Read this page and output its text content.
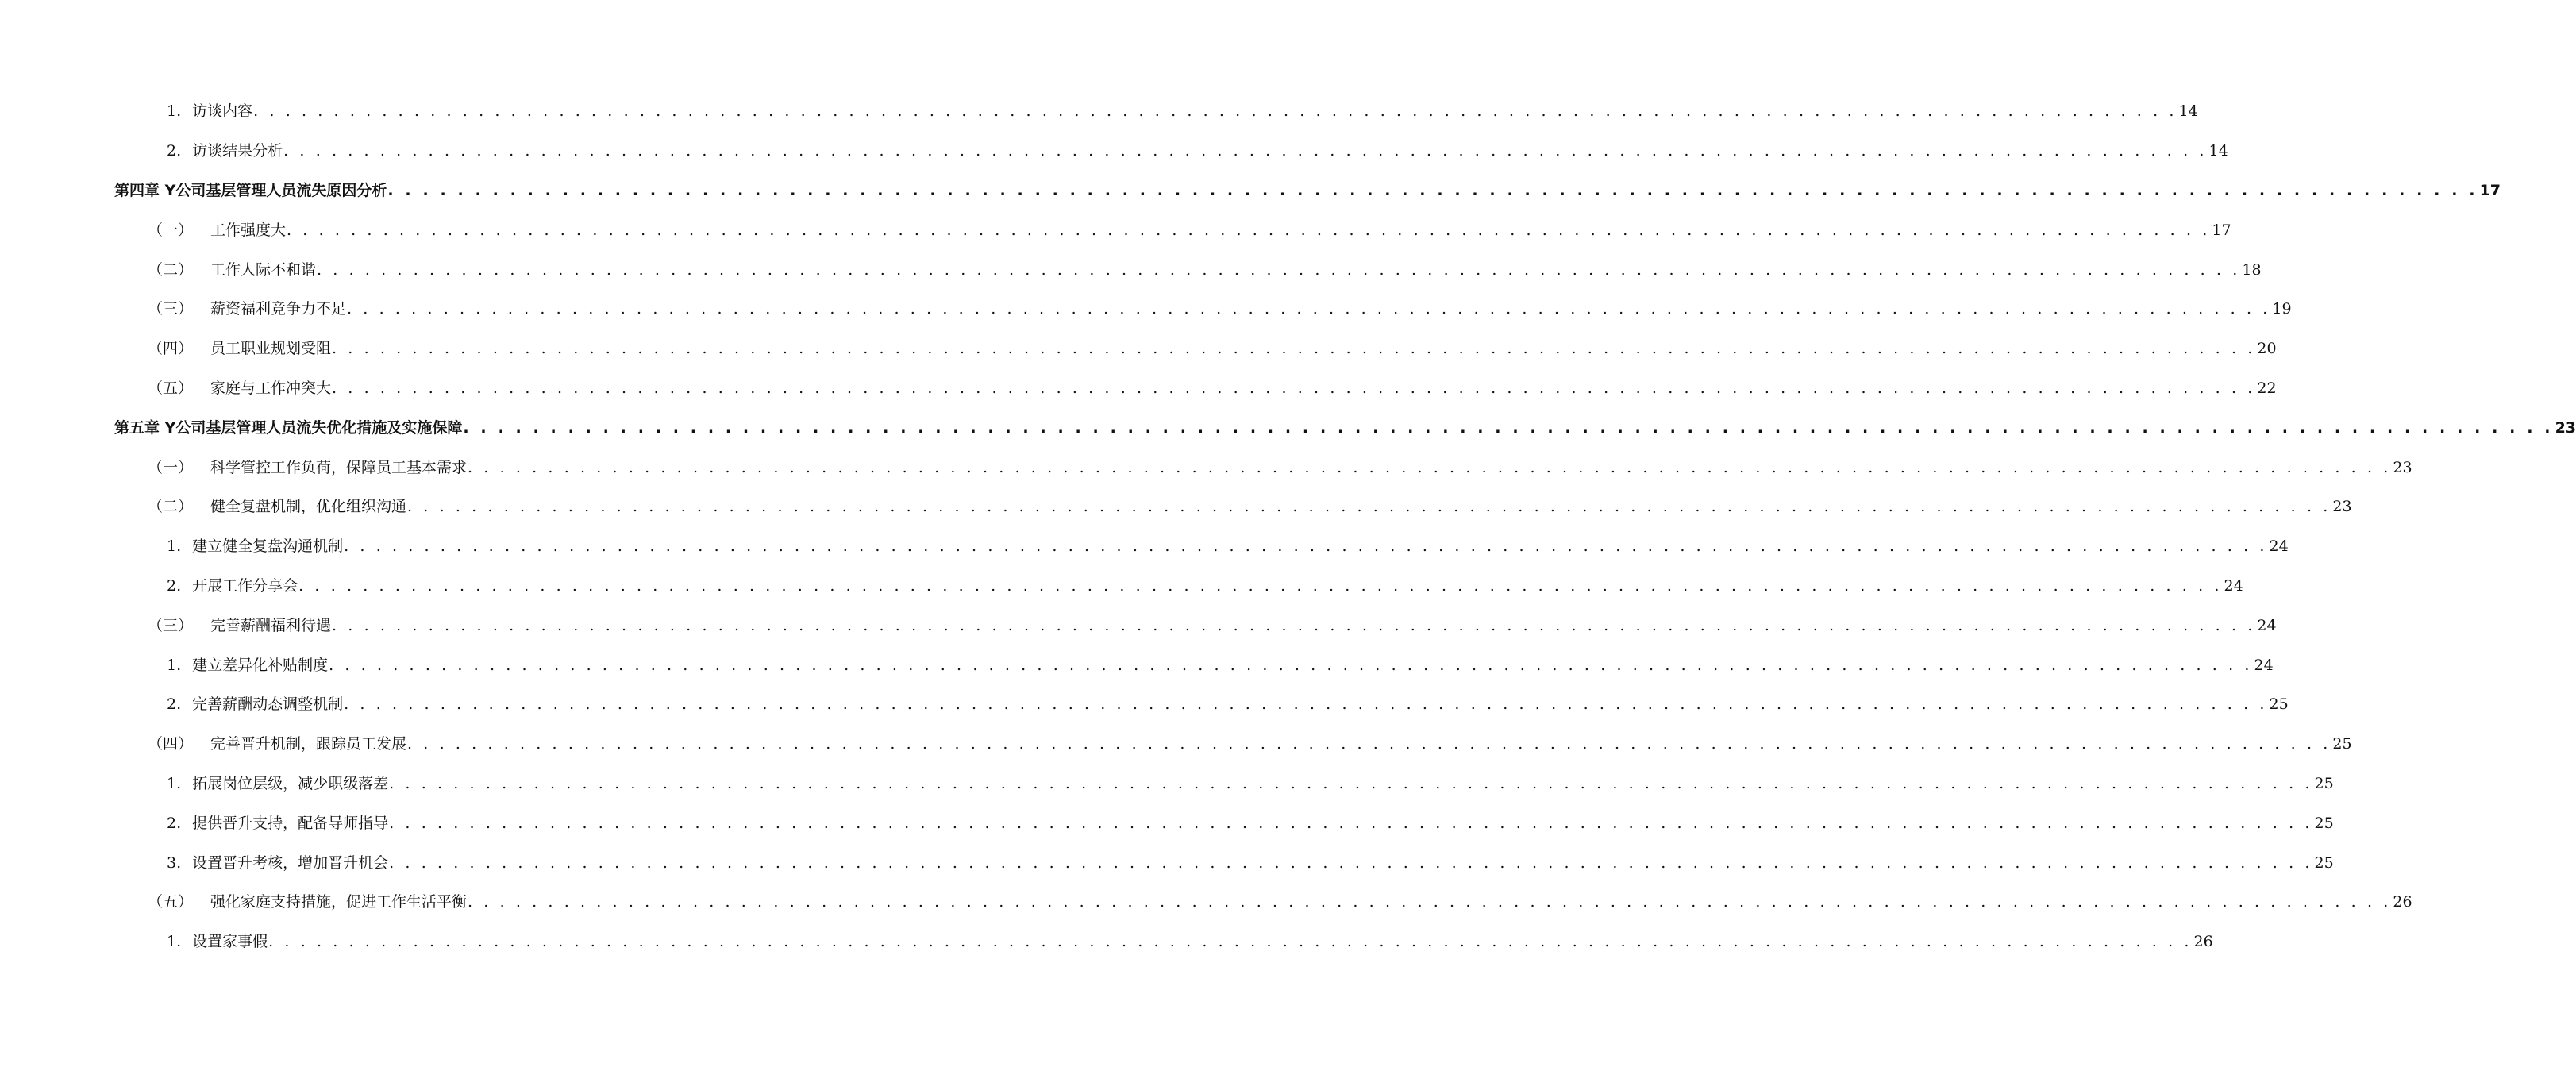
1. 访谈内容 . . . . . . . . . . . . . . . . . . . . . . . . . . . . . . . . . . . . . . . . . . . . . . . . . . . . . . . . . . . . . . . . . . . . . . . . . . . . . . . . . . . . . . . . . . . . . . . . . . . . . . . . . . . . . . . . . . . . . . . . 14
2. 访谈结果分析 . . . . . . . . . . . . . . . . . . . . . . . . . . . . . . . . . . . . . . . . . . . . . . . . . . . . . . . . . . . . . . . . . . . . . . . . . . . . . . . . . . . . . . . . . . . . . . . . . . . . . . . . . . . . . . . . . . . . . . . . 14
第四章 Y公司基层管理人员流失原因分析 . . . . . . . . . . . . . . . . . . . . . . . . . . . . . . . . . . . . . . . . . . . . . . . . . . . . . . . . . . . . . . . . . . . . . . . . . . . . . . . . . . . . . . . . . . . . . . . . . . . . . . . . . . . . . . . . . . . . . . . . 17
（一） 工作强度大 . . . . . . . . . . . . . . . . . . . . . . . . . . . . . . . . . . . . . . . . . . . . . . . . . . . . . . . . . . . . . . . . . . . . . . . . . . . . . . . . . . . . . . . . . . . . . . . . . . . . . . . . . . . . . . . . . . . . . . . . 17
（二） 工作人际不和谐 . . . . . . . . . . . . . . . . . . . . . . . . . . . . . . . . . . . . . . . . . . . . . . . . . . . . . . . . . . . . . . . . . . . . . . . . . . . . . . . . . . . . . . . . . . . . . . . . . . . . . . . . . . . . . . . . . . . . . . . . 18
（三） 薪资福利竞争力不足 . . . . . . . . . . . . . . . . . . . . . . . . . . . . . . . . . . . . . . . . . . . . . . . . . . . . . . . . . . . . . . . . . . . . . . . . . . . . . . . . . . . . . . . . . . . . . . . . . . . . . . . . . . . . . . . . . . . . . . . . 19
（四） 员工职业规划受阻 . . . . . . . . . . . . . . . . . . . . . . . . . . . . . . . . . . . . . . . . . . . . . . . . . . . . . . . . . . . . . . . . . . . . . . . . . . . . . . . . . . . . . . . . . . . . . . . . . . . . . . . . . . . . . . . . . . . . . . . . 20
（五） 家庭与工作冲突大 . . . . . . . . . . . . . . . . . . . . . . . . . . . . . . . . . . . . . . . . . . . . . . . . . . . . . . . . . . . . . . . . . . . . . . . . . . . . . . . . . . . . . . . . . . . . . . . . . . . . . . . . . . . . . . . . . . . . . . . . 22
第五章 Y公司基层管理人员流失优化措施及实施保障 . . . . . . . . . . . . . . . . . . . . . . . . . . . . . . . . . . . . . . . . . . . . . . . . . . . . . . . . . . . . . . . . . . . . . . . . . . . . . . . . . . . . . . . . . . . . . . . . . . . . . . . . . . . . . . . . . . . . . . . . 23
（一） 科学管控工作负荷，保障员工基本需求 . . . . . . . . . . . . . . . . . . . . . . . . . . . . . . . . . . . . . . . . . . . . . . . . . . . . . . . . . . . . . . . . . . . . . . . . . . . . . . . . . . . . . . . . . . . . . . . . . . . . . . . . . . . . . . . . . . . . . . . . 23
（二） 健全复盘机制，优化组织沟通 . . . . . . . . . . . . . . . . . . . . . . . . . . . . . . . . . . . . . . . . . . . . . . . . . . . . . . . . . . . . . . . . . . . . . . . . . . . . . . . . . . . . . . . . . . . . . . . . . . . . . . . . . . . . . . . . . . . . . . . . 23
1. 建立健全复盘沟通机制 . . . . . . . . . . . . . . . . . . . . . . . . . . . . . . . . . . . . . . . . . . . . . . . . . . . . . . . . . . . . . . . . . . . . . . . . . . . . . . . . . . . . . . . . . . . . . . . . . . . . . . . . . . . . . . . . . . . . . . . . 24
2. 开展工作分享会 . . . . . . . . . . . . . . . . . . . . . . . . . . . . . . . . . . . . . . . . . . . . . . . . . . . . . . . . . . . . . . . . . . . . . . . . . . . . . . . . . . . . . . . . . . . . . . . . . . . . . . . . . . . . . . . . . . . . . . . . 24
（三） 完善薪酬福利待遇 . . . . . . . . . . . . . . . . . . . . . . . . . . . . . . . . . . . . . . . . . . . . . . . . . . . . . . . . . . . . . . . . . . . . . . . . . . . . . . . . . . . . . . . . . . . . . . . . . . . . . . . . . . . . . . . . . . . . . . . . 24
1. 建立差异化补贴制度 . . . . . . . . . . . . . . . . . . . . . . . . . . . . . . . . . . . . . . . . . . . . . . . . . . . . . . . . . . . . . . . . . . . . . . . . . . . . . . . . . . . . . . . . . . . . . . . . . . . . . . . . . . . . . . . . . . . . . . . . 24
2. 完善薪酬动态调整机制 . . . . . . . . . . . . . . . . . . . . . . . . . . . . . . . . . . . . . . . . . . . . . . . . . . . . . . . . . . . . . . . . . . . . . . . . . . . . . . . . . . . . . . . . . . . . . . . . . . . . . . . . . . . . . . . . . . . . . . . . 25
（四） 完善晋升机制，跟踪员工发展 . . . . . . . . . . . . . . . . . . . . . . . . . . . . . . . . . . . . . . . . . . . . . . . . . . . . . . . . . . . . . . . . . . . . . . . . . . . . . . . . . . . . . . . . . . . . . . . . . . . . . . . . . . . . . . . . . . . . . . . . 25
1. 拓展岗位层级，减少职级落差 . . . . . . . . . . . . . . . . . . . . . . . . . . . . . . . . . . . . . . . . . . . . . . . . . . . . . . . . . . . . . . . . . . . . . . . . . . . . . . . . . . . . . . . . . . . . . . . . . . . . . . . . . . . . . . . . . . . . . . . . 25
2. 提供晋升支持，配备导师指导 . . . . . . . . . . . . . . . . . . . . . . . . . . . . . . . . . . . . . . . . . . . . . . . . . . . . . . . . . . . . . . . . . . . . . . . . . . . . . . . . . . . . . . . . . . . . . . . . . . . . . . . . . . . . . . . . . . . . . . . . 25
3. 设置晋升考核，增加晋升机会 . . . . . . . . . . . . . . . . . . . . . . . . . . . . . . . . . . . . . . . . . . . . . . . . . . . . . . . . . . . . . . . . . . . . . . . . . . . . . . . . . . . . . . . . . . . . . . . . . . . . . . . . . . . . . . . . . . . . . . . . 25
（五） 强化家庭支持措施，促进工作生活平衡 . . . . . . . . . . . . . . . . . . . . . . . . . . . . . . . . . . . . . . . . . . . . . . . . . . . . . . . . . . . . . . . . . . . . . . . . . . . . . . . . . . . . . . . . . . . . . . . . . . . . . . . . . . . . . . . . . . . . . . . . 26
1. 设置家事假 . . . . . . . . . . . . . . . . . . . . . . . . . . . . . . . . . . . . . . . . . . . . . . . . . . . . . . . . . . . . . . . . . . . . . . . . . . . . . . . . . . . . . . . . . . . . . . . . . . . . . . . . . . . . . . . . . . . . . . . . 26
